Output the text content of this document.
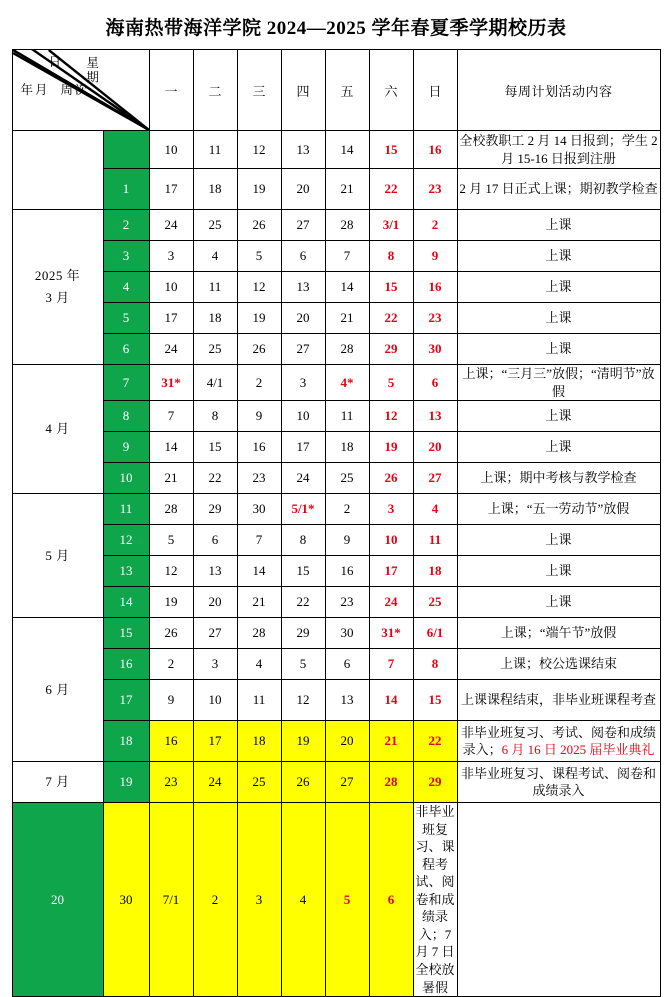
海南热带海洋学院 2024—2025 学年春夏季学期校历表
日 星期
周次
年月		一	二	三	四	五	六	日	每周计划活动内容
		10	11	12	13	14	15	16	全校教职工 2 月 14 日报到；学生 2 月 15-16 日报到注册
	1	17	18	19	20	21	22	23	2 月 17 日正式上课；期初教学检查

2025 年
3 月	2	24	25	26	27	28	3/1	2	上课
	3	3	4	5	6	7	8	9	上课
	4	10	11	12	13	14	15	16	上课
	5	17	18	19	20	21	22	23	上课
	6	24	25	26	27	28	29	30	上课
4 月	7	31*	4/1	2	3	4*	5	6	上课；“三月三”放假；“清明节”放假
	8	7	8	9	10	11	12	13	上课
	9	14	15	16	17	18	19	20	上课
	10	21	22	23	24	25	26	27	上课；期中考核与教学检查
5 月	11	28	29	30	5/1*	2	3	4	上课；“五一劳动节”放假
	12	5	6	7	8	9	10	11	上课
	13	12	13	14	15	16	17	18	上课
	14	19	20	21	22	23	24	25	上课
6 月	15	26	27	28	29	30	31*	6/1	上课；“端午节”放假
	16	2	3	4	5	6	7	8	上课；校公选课结束
	17	9	10	11	12	13	14	15	上课课程结束，非毕业班课程考查
	18	16	17	18	19	20	21	22	非毕业班复习、考试、阅卷和成绩录入；6 月 16 日 2025 届毕业典礼
7 月	19	23	24	25	26	27	28	29	非毕业班复习、课程考试、阅卷和成绩录入
20	30	7/1	2	3	4	5	6	非毕业班复习、课程考试、阅卷和成绩录入；7 月 7 日全校放暑假	
